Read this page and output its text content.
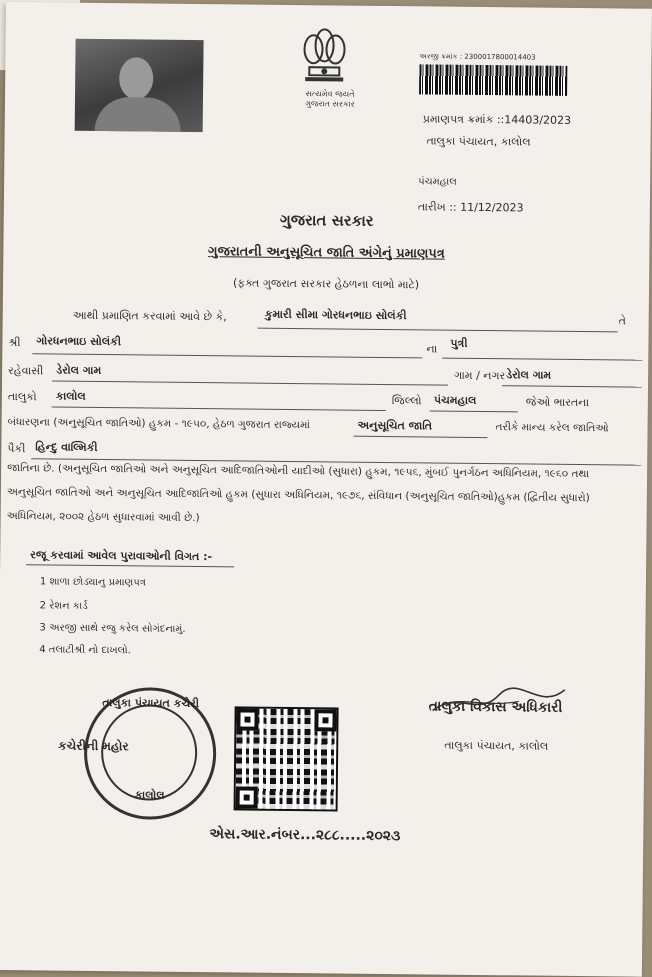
સત્યમેવ જયતે
ગુજરાત સરકાર
અરજી ક્રમાંક : 2300017800014403
પ્રમાણપત્ર ક્રમાંક ::14403/2023
તાલુકા પંચાયત, કાલોલ
પંચમહાલ
તારીખ :: 11/12/2023
ગુજરાત સરકાર
ગુજરાતની અનુસૂચિત જાતિ અંગેનું પ્રમાણપત્ર
(ફક્ત ગુજરાત સરકાર હેઠળના લાભો માટે)
આથી પ્રમાણિત કરવામાં આવે છે કે,	કુમારી સીમા ગોરધનભાઇ સોલંકી	તે
શ્રી ગોરધનભાઇ સોલંકી
ના પુત્રી
રહેવાસી ડેરોલ ગામ	ગામ / નગર ડેરોલ ગામ
તાલુકો કાલોલ	જિલ્લો પંચમહાલ	જેઓ ભારતના
બંધારણના (અનુસૂચિત જાતિઓ) હુકમ - ૧૯૫૦, હેઠળ ગુજરાત રાજ્યમાં	અનુસૂચિત જાતિ	તરીકે માન્ય કરેલ જાતિઓ
પૈકી હિન્દુ વાલ્મિકી
જાતિના છે. (અનુસૂચિત જાતિઓ અને અનુસૂચિત આદિજાતિઓની યાદીઓ (સુધારા) હુકમ, ૧૯૫૬, મુંબઈ પુનર્ગઠન અધિનિયમ, ૧૯૬૦ તથા
અનુસૂચિત જાતિઓ અને અનુસૂચિત આદિજાતિઓ હુકમ (સુધારા અધિનિયમ, ૧૯૭૬, સંવિધાન (અનુસૂચિત જાતિઓ)હુકમ (દ્વિતીય સુધારો)
અધિનિયમ, ૨૦૦૨ હેઠળ સુધારવામાં આવી છે.)
રજૂ કરવામાં આવેલ પુરાવાઓની વિગત :-
1 શાળા છોડ્યાનુ પ્રમાણપત્ર
2 રેશન કાર્ડ
3 અરજી સાથે રજુ કરેલ સોગંદનામું.
4 તલાટીશ્રી નો દાખલો.
તાલુકા પંચાયત કચેરી
કાલોલ
કચેરીની મહોર
તાલુકા વિકાસ અધિકારી
તાલુકા પંચાયત, કાલોલ
એસ.આર.નંબર...૨૮૮.....૨૦૨૩
